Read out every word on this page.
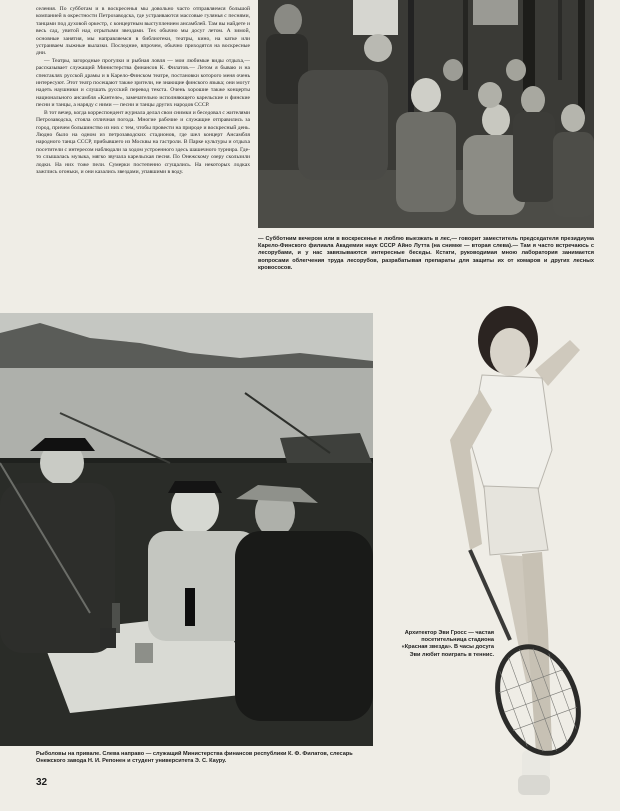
селения. По субботам и в воскресенья мы довольно часто отправляемся большой компанией в окрестности Петрозаводска, где устраиваются массовые гулянья с песнями, танцами под духовой оркестр, с концертным выступлением ансамблей. Там вы найдете и весь сад, увитой над отрытыми звездами. Тех обычно мы досуг летом. А зимой, основные занятия, мы направляемся в библиотеки, театры, кино, на катке или устраиваем лыжные вылазки. Последние, впрочем, обычно приходятся на воскресные дни.

— Театры, загородные прогулки и рыбная ловля — мои любимые виды отдыха,— рассказывает служащий Министерства финансов К. Филатов.— Летом я бываю и на спектаклях русской драмы и в Карело-Финском театре, постановки которого меня очень интересуют. Этот театр посещают также зрители, не знающие финского языка; они могут надеть наушники и слушать русский перевод текста. Очень хорошие также концерты национального ансамбля «Кантеле», замечательно исполняющего карельские и финские песни и танцы, а наряду с ними — песни и танцы других народов СССР.

В тот вечер, когда корреспондент журнала делал свои снимки и беседовал с жителями Петрозаводска, стояла отличная погода. Многие рабочие и служащие отправились за город, причем большинство из них с тем, чтобы провести на природе и воскресный день. Людно было на одном из петрозаводских стадионов, где шел концерт Ансамбля народного танца СССР, прибывшего из Москвы на гастроли. В Парке культуры и отдыха посетители с интересом наблюдали за ходом устроенного здесь шашечного турнира. Где-то слышалась музыка, мягко звучала карельская песня. По Онежскому озеру скользили лодки. На них тоже пели. Сумерки постепенно сгущались. На некоторых лодках зажглись огоньки, и они казались звездами, упавшими в воду.

— Субботним вечером или в воскресенье я люблю выезжать в лес,— говорит заместитель председателя президиума Карело-Финского филиала Академии наук СССР Айно Лутта (на снимке — вторая слева).— Там я часто встречаюсь с лесорубами, и у нас завязываются интересные беседы. Кстати, руководимая мною лаборатория занимается вопросами облегчения труда лесорубов, разрабатывая препараты для защиты их от комаров и других лесных кровососов.
Рыболовы на привале. Слева направо — служащий Министерства финансов республики К. Ф. Филатов, слесарь Онежского завода Н. И. Репонен и студент университета Э. С. Кауру.
Архитектор Эви Гросс — частая посетительница стадиона «Красная звезда». В часы досуга Эви любит поиграть в теннис.
32
